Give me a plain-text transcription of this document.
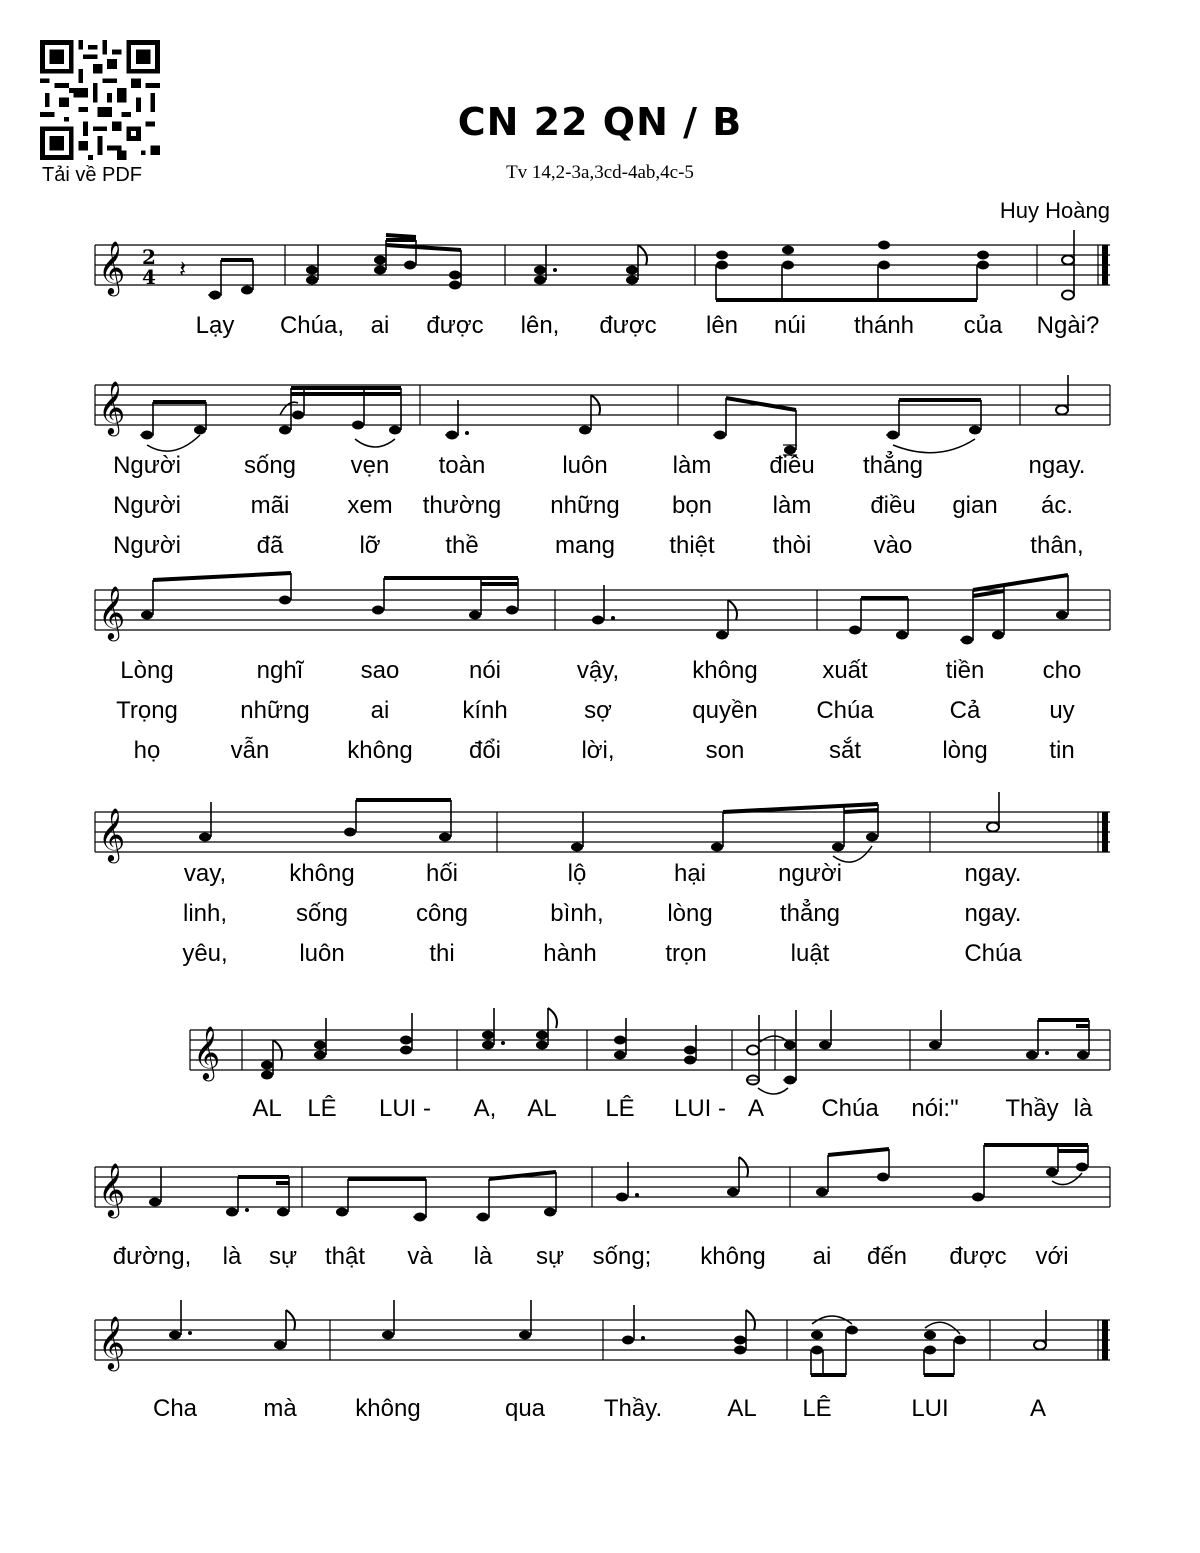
Tải về PDF
CN 22 QN / B
Tv 14,2-3a,3cd-4ab,4c-5
Huy Hoàng
𝄞 2
4 𝄽
Lạy Chúa, ai được lên, được lên núi thánh của Ngài?
𝄞
Người	sống vẹn toàn	luôn	làm điều thẳng	ngay.
Người	mãi xem thường những bọn	làm điều gian ác.
Người	đã	lỡ	thề	mang thiệt thòi	vào	thân,
𝄞
Lòng	nghĩ sao	nói	vậy,	không	xuất	tiền cho
Trọng	những	ai	kính	sợ	quyền Chúa	Cả	uy
họ	vẫn	không đổi	lời,	son	sắt	lòng	tin
𝄞
vay,	không	hối	lộ	hại	người	ngay.
linh,	sống	công	bình,	lòng	thẳng	ngay.
yêu,	luôn	thi	hành	trọn	luật	Chúa
𝄞
AL LÊ LUI - A, AL LÊ LUI - A Chúa nói:" Thầy là
𝄞
đường, là sự thật và là sự sống; không ai đến được với
𝄞
Cha	mà không	qua Thầy.	AL LÊ	LUI	A
